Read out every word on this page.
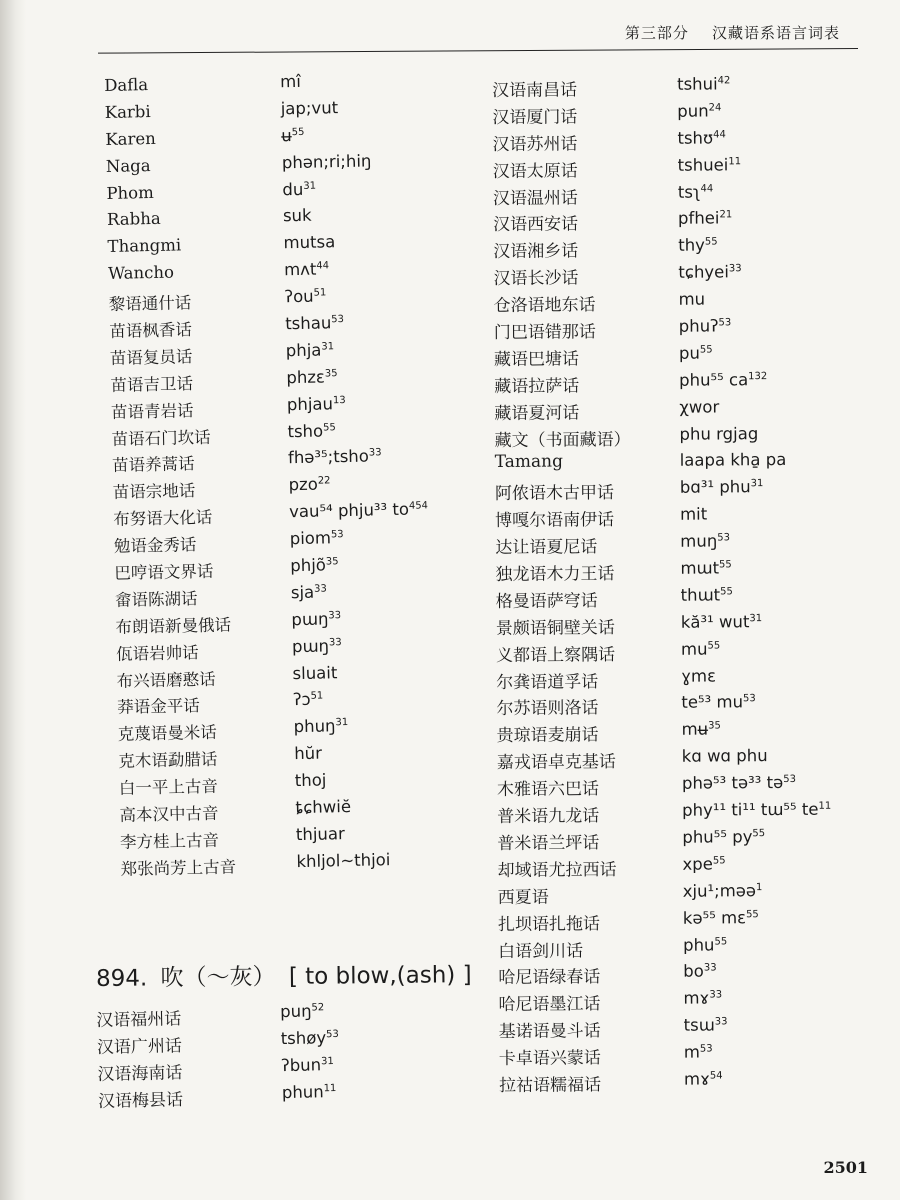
第三部分 汉藏语系语言词表
Dafla	mî
Karbi	jap;vut
Karen	ʉ$^{55}$
Naga	phən;ri;hiŋ
Phom	$du^{31}$
Rabha	suk
Thangmi	mutsa
Wancho	mʌt$^{44}$
黎语通什话	ʔou$^{51}$
苗语枫香话	tshau$^{53}$
苗语复员话	phja$^{31}$
苗语吉卫话	phzɛ$^{35}$
苗语青岩话	phjau$^{13}$
苗语石门坎话	tsho$^{55}$
苗语养蒿话	fhə³⁵;tsho$^{33}$
苗语宗地话	pzo$^{22}$
布努语大化话	vau⁵⁴ phju³³ $to^{454}$
勉语金秀话	piom$^{53}$
巴哼语文界话	phjõ$^{35}$
畲语陈湖话	sja$^{33}$
布朗语新曼俄话	pɯŋ$^{33}$
佤语岩帅话	pɯŋ$^{33}$
布兴语磨憨话	sluait
莽语金平话	ʔɔ$^{51}$
克蔑语曼米话	phuŋ$^{31}$
克木语勐腊话	hŭr
白一平上古音	thoj
高本汉中古音	ȶɕhwiĕ
李方桂上古音	thjuar
郑张尚芳上古音	khljol~thjoi
汉语南昌话	tshui$^{42}$
汉语厦门话	pun$^{24}$
汉语苏州话	tshʊ$^{44}$
汉语太原话	tshuei$^{11}$
汉语温州话	tsʅ$^{44}$
汉语西安话	pfhei$^{21}$
汉语湘乡话	thy$^{55}$
汉语长沙话	tɕhyei$^{33}$
仓洛语地东话	mu
门巴语错那话	phuʔ$^{53}$
藏语巴塘话	$pu^{55}$
藏语拉萨话	phu⁵⁵ $ca^{132}$
藏语夏河话	χwor
藏文（书面藏语）	phu rgjag
Tamang	laapa kha̱ pa
阿侬语木古甲话	bɑ³¹ phu$^{31}$
博嘎尔语南伊话	mit
达让语夏尼话	muŋ$^{53}$
独龙语木力王话	mɯt$^{55}$
格曼语萨穹话	thɯt$^{55}$
景颇语铜壁关话	kă³¹ wut$^{31}$
义都语上察隅话	$mu^{55}$
尔龚语道孚话	ɣmɛ
尔苏语则洛话	te⁵³ $mu^{53}$
贵琼语麦崩话	mʉ$^{35}$
嘉戎语卓克基话	kɑ wɑ phu
木雅语六巴话	phə⁵³ tə³³ tə$^{53}$
普米语九龙话	phy¹¹ ti¹¹ tɯ⁵⁵ $te^{11}$
普米语兰坪话	phu⁵⁵ $py^{55}$
却域语尤拉西话	xpe$^{55}$
西夏语	xju¹;məə$^1$
扎坝语扎拖话	kə⁵⁵ mɛ$^{55}$
白语剑川话	phu$^{55}$
哈尼语绿春话	$bo^{33}$
哈尼语墨江话	mɤ$^{33}$
基诺语曼斗话	tsɯ$^{33}$
卡卓语兴蒙话	$m^{53}$
拉祜语糯福话	mɤ$^{54}$
894. 吹（～灰） [ to blow,(ash) ]
汉语福州话	puŋ$^{52}$
汉语广州话	tshøy$^{53}$
汉语海南话	ʔbun$^{31}$
汉语梅县话	phun$^{11}$
2501
